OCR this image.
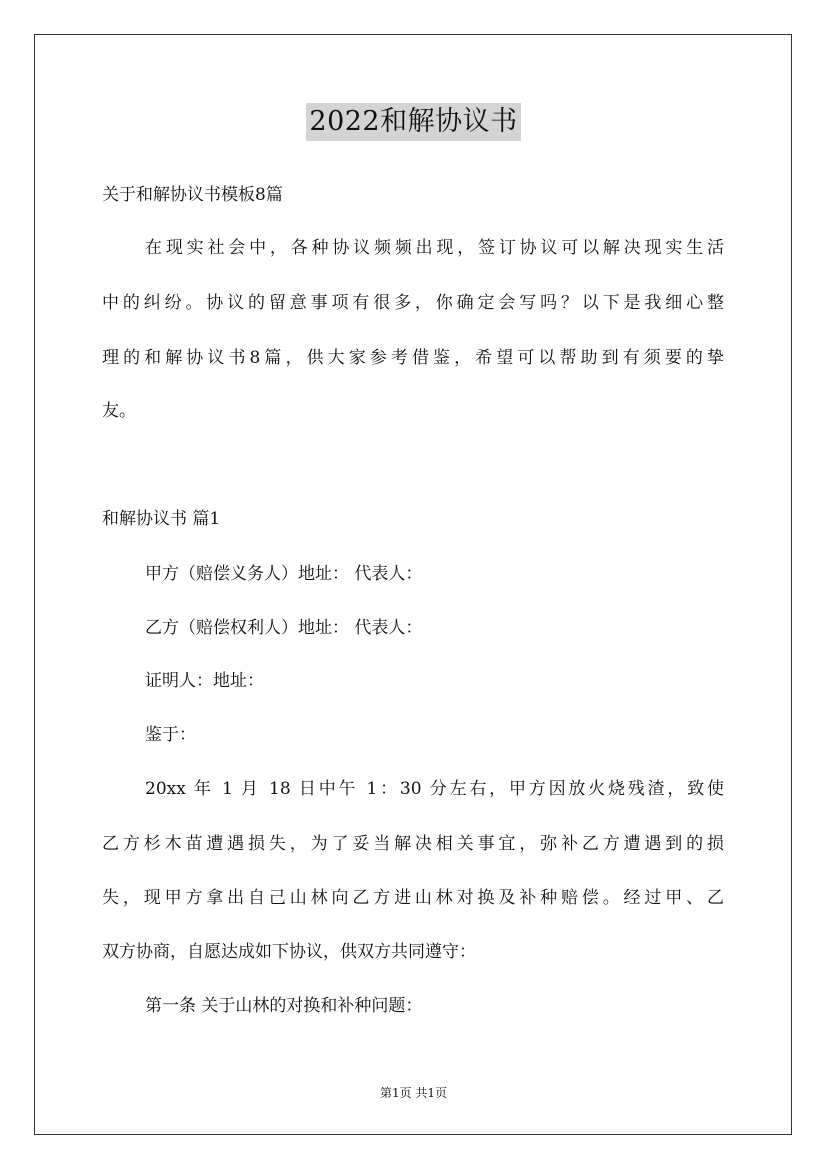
2022和解协议书
关于和解协议书模板8篇
在现实社会中，各种协议频频出现，签订协议可以解决现实生活
中的纠纷。协议的留意事项有很多，你确定会写吗？以下是我细心整
理的和解协议书8篇，供大家参考借鉴，希望可以帮助到有须要的挚
友。
和解协议书 篇1
甲方（赔偿义务人）地址： 代表人：
乙方（赔偿权利人）地址： 代表人：
证明人：地址：
鉴于：
20xx 年 1 月 18 日中午 1：30 分左右，甲方因放火烧残渣，致使
乙方杉木苗遭遇损失，为了妥当解决相关事宜，弥补乙方遭遇到的损
失，现甲方拿出自己山林向乙方进山林对换及补种赔偿。经过甲、乙
双方协商，自愿达成如下协议，供双方共同遵守：
第一条 关于山林的对换和补种问题：
第1页 共1页
